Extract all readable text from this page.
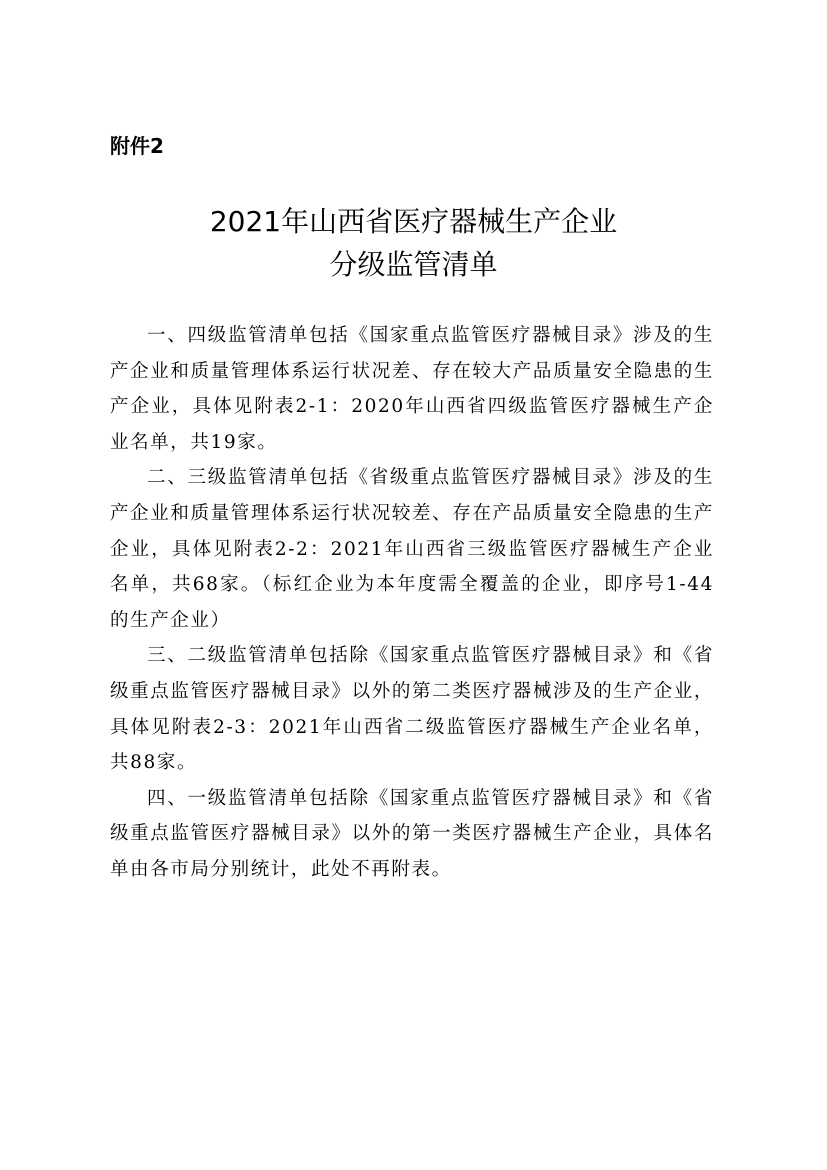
附件2
2021年山西省医疗器械生产企业
分级监管清单

一、四级监管清单包括《国家重点监管医疗器械目录》涉及的生产企业和质量管理体系运行状况差、存在较大产品质量安全隐患的生产企业，具体见附表2-1：2020年山西省四级监管医疗器械生产企业名单，共19家。

二、三级监管清单包括《省级重点监管医疗器械目录》涉及的生产企业和质量管理体系运行状况较差、存在产品质量安全隐患的生产企业，具体见附表2-2：2021年山西省三级监管医疗器械生产企业名单，共68家。（标红企业为本年度需全覆盖的企业，即序号1-44的生产企业）

三、二级监管清单包括除《国家重点监管医疗器械目录》和《省级重点监管医疗器械目录》以外的第二类医疗器械涉及的生产企业，具体见附表2-3：2021年山西省二级监管医疗器械生产企业名单，共88家。

四、一级监管清单包括除《国家重点监管医疗器械目录》和《省级重点监管医疗器械目录》以外的第一类医疗器械生产企业，具体名单由各市局分别统计，此处不再附表。
